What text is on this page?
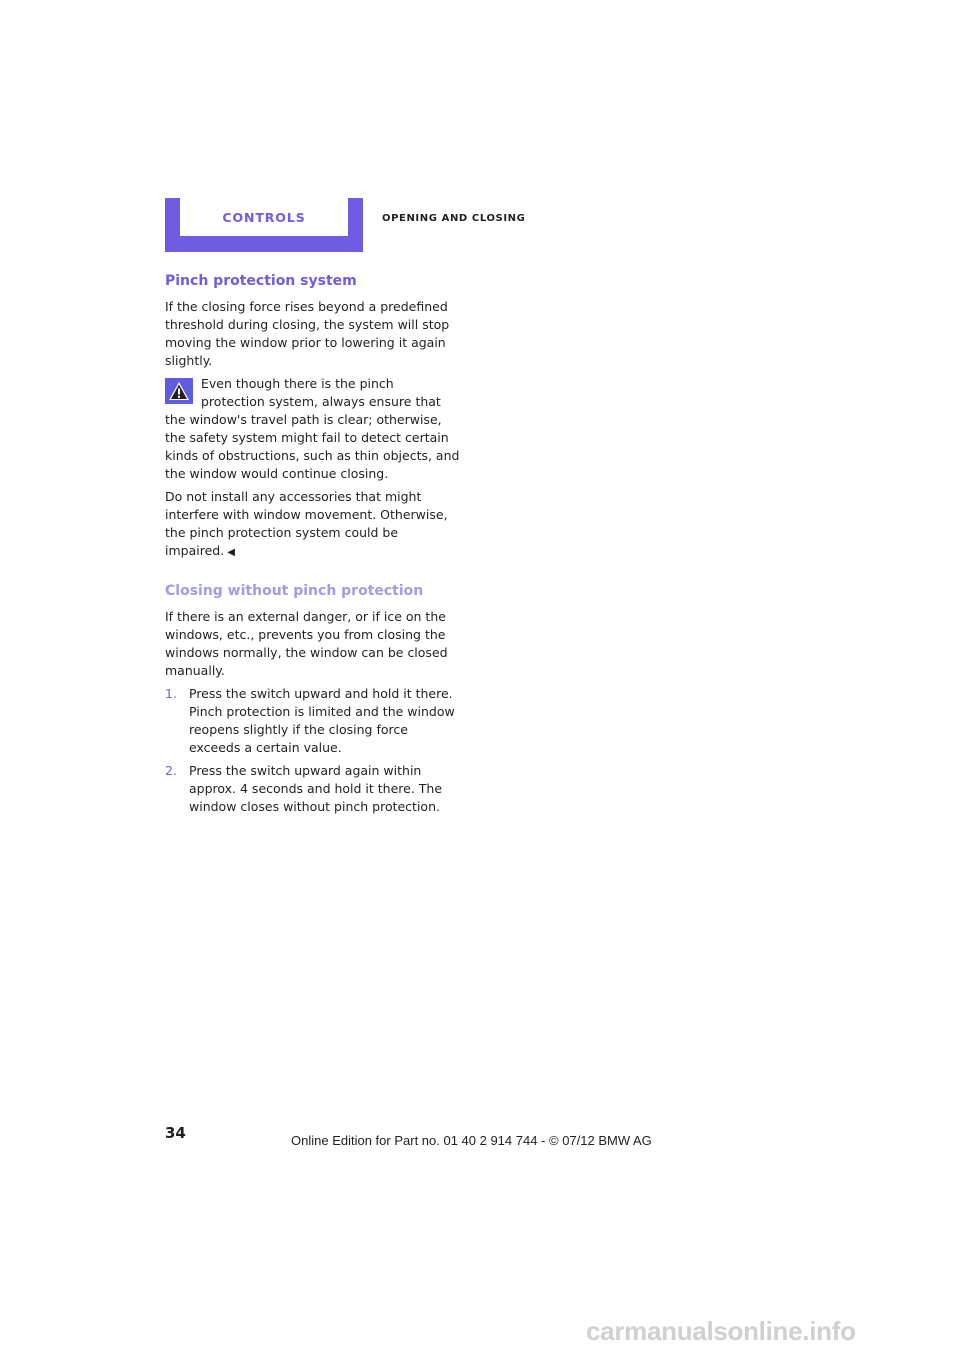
CONTROLS	OPENING AND CLOSING
Pinch protection system

If the closing force rises beyond a predefined threshold during closing, the system will stop moving the window prior to lowering it again slightly.

Even though there is the pinch protection system, always ensure that the window's travel path is clear; otherwise, the safety system might fail to detect certain kinds of obstructions, such as thin objects, and the window would continue closing.

Do not install any accessories that might interfere with window movement. Otherwise, the pinch protection system could be impaired. ◀

Closing without pinch protection

If there is an external danger, or if ice on the windows, etc., prevents you from closing the windows normally, the window can be closed manually.

1. Press the switch upward and hold it there. Pinch protection is limited and the window reopens slightly if the closing force exceeds a certain value.
2. Press the switch upward again within approx. 4 seconds and hold it there. The window closes without pinch protection.
34	Online Edition for Part no. 01 40 2 914 744 - © 07/12 BMW AG
carmanualsonline.info
